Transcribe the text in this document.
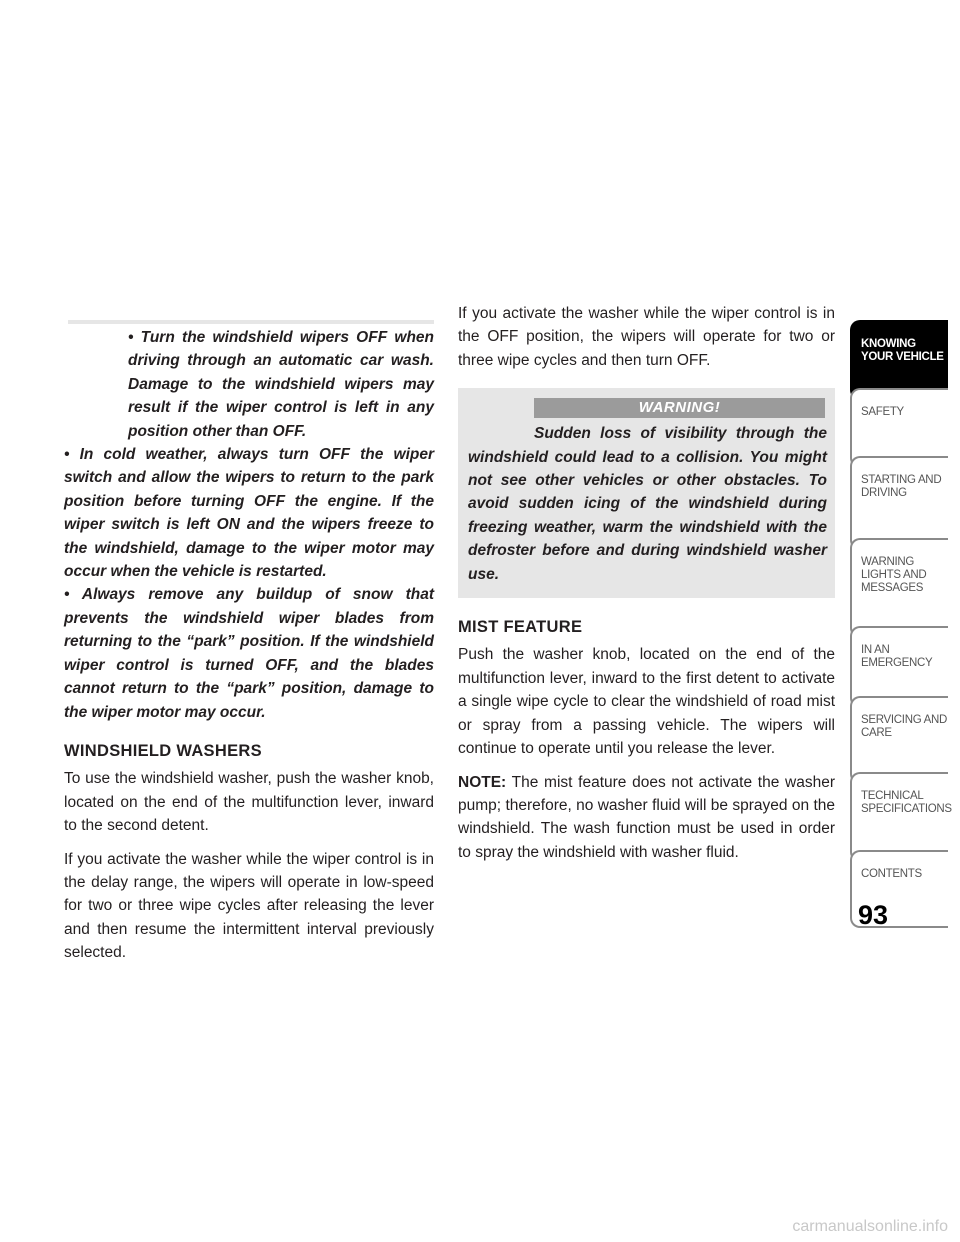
• Turn the windshield wipers OFF when driving through an automatic car wash. Damage to the windshield wipers may result if the wiper control is left in any position other than OFF.
• In cold weather, always turn OFF the wiper switch and allow the wipers to return to the park position before turning OFF the engine. If the wiper switch is left ON and the wipers freeze to the windshield, damage to the wiper motor may occur when the vehicle is restarted.
• Always remove any buildup of snow that prevents the windshield wiper blades from returning to the “park” position. If the windshield wiper control is turned OFF, and the blades cannot return to the “park” position, damage to the wiper motor may occur.
WINDSHIELD WASHERS

To use the windshield washer, push the washer knob, located on the end of the multifunction lever, inward to the second detent.

If you activate the washer while the wiper control is in the delay range, the wipers will operate in low-speed for two or three wipe cycles after releasing the lever and then resume the intermittent interval previously selected.

If you activate the washer while the wiper control is in the OFF position, the wipers will operate for two or three wipe cycles and then turn OFF.

WARNING!
Sudden loss of visibility through the windshield could lead to a collision. You might not see other vehicles or other obstacles. To avoid sudden icing of the windshield during freezing weather, warm the windshield with the defroster before and during windshield washer use.
MIST FEATURE

Push the washer knob, located on the end of the multifunction lever, inward to the first detent to activate a single wipe cycle to clear the windshield of road mist or spray from a passing vehicle. The wipers will continue to operate until you release the lever.

NOTE: The mist feature does not activate the washer pump; therefore, no washer fluid will be sprayed on the windshield. The wash function must be used in order to spray the windshield with washer fluid.

KNOWING YOUR VEHICLE
SAFETY
STARTING AND DRIVING
WARNING LIGHTS AND MESSAGES
IN AN EMERGENCY
SERVICING AND CARE
TECHNICAL SPECIFICATIONS
CONTENTS
93
carmanualsonline.info
